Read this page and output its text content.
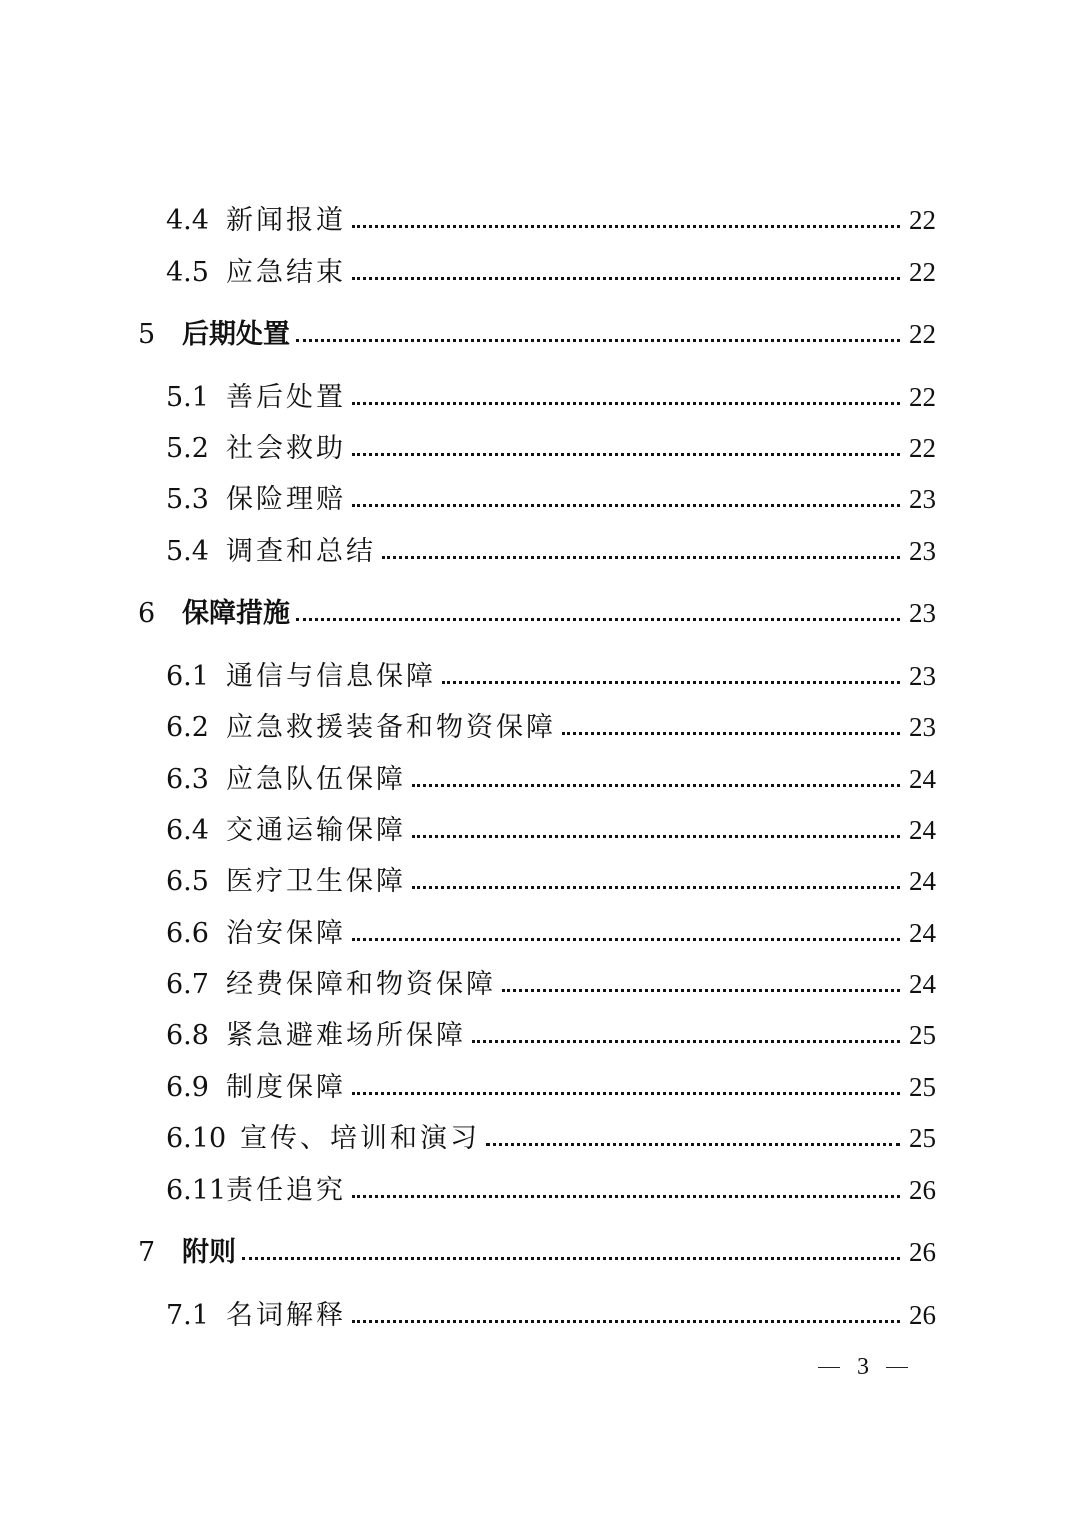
4.4 新闻报道	22
4.5 应急结束	22
5 后期处置	22
5.1 善后处置	22
5.2 社会救助	22
5.3 保险理赔	23
5.4 调查和总结	23
6 保障措施	23
6.1 通信与信息保障	23
6.2 应急救援装备和物资保障	23
6.3 应急队伍保障	24
6.4 交通运输保障	24
6.5 医疗卫生保障	24
6.6 治安保障	24
6.7 经费保障和物资保障	24
6.8 紧急避难场所保障	25
6.9 制度保障	25
6.10 宣传、培训和演习	25
6.11 责任追究	26
7 附则	26
7.1 名词解释	26
3
